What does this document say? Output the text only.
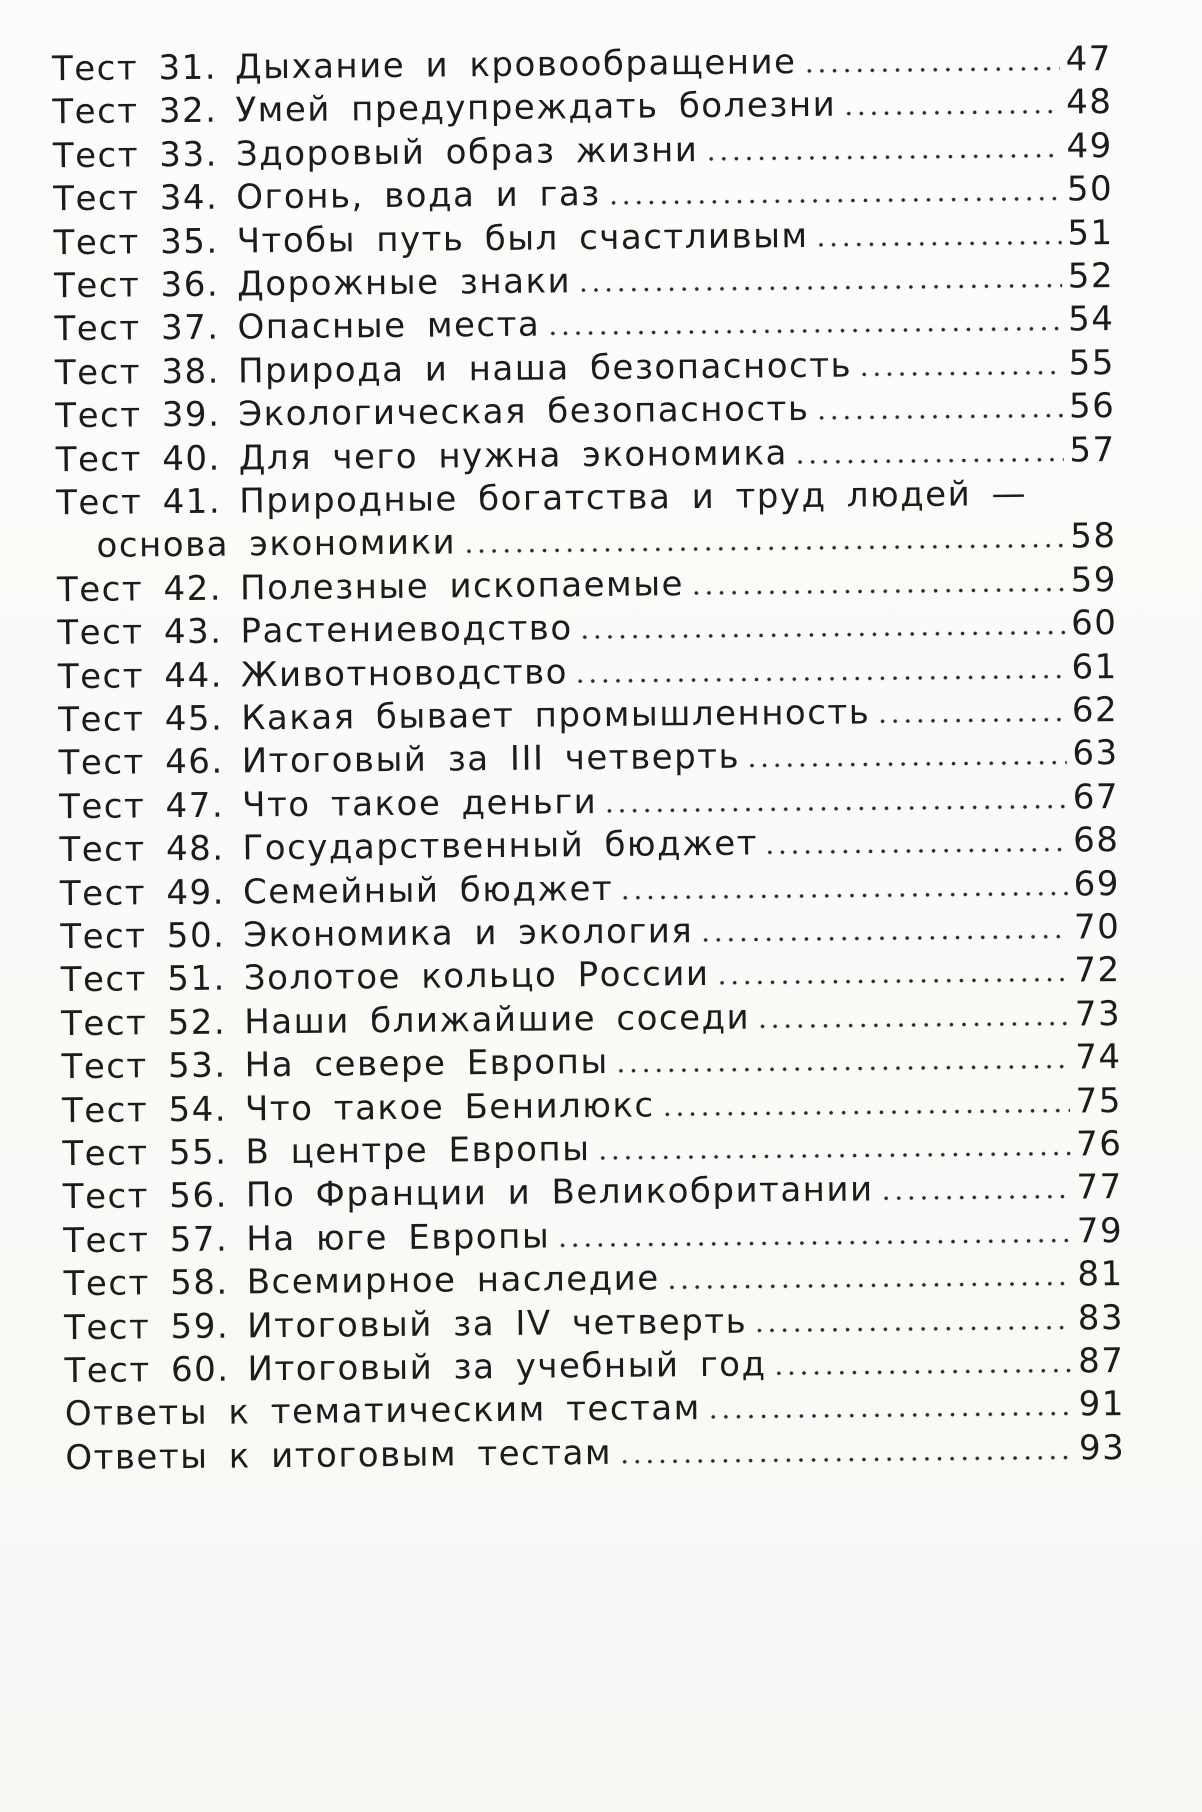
Тест 31. Дыхание и кровообращение	47
Тест 32. Умей предупреждать болезни	48
Тест 33. Здоровый образ жизни	49
Тест 34. Огонь, вода и газ	50
Тест 35. Чтобы путь был счастливым	51
Тест 36. Дорожные знаки	52
Тест 37. Опасные места	54
Тест 38. Природа и наша безопасность	55
Тест 39. Экологическая безопасность	56
Тест 40. Для чего нужна экономика	57
Тест 41. Природные богатства и труд людей —
основа экономики	58
Тест 42. Полезные ископаемые	59
Тест 43. Растениеводство	60
Тест 44. Животноводство	61
Тест 45. Какая бывает промышленность	62
Тест 46. Итоговый за III четверть	63
Тест 47. Что такое деньги	67
Тест 48. Государственный бюджет	68
Тест 49. Семейный бюджет	69
Тест 50. Экономика и экология	70
Тест 51. Золотое кольцо России	72
Тест 52. Наши ближайшие соседи	73
Тест 53. На севере Европы	74
Тест 54. Что такое Бенилюкс	75
Тест 55. В центре Европы	76
Тест 56. По Франции и Великобритании	77
Тест 57. На юге Европы	79
Тест 58. Всемирное наследие	81
Тест 59. Итоговый за IV четверть	83
Тест 60. Итоговый за учебный год	87
Ответы к тематическим тестам	91
Ответы к итоговым тестам	93
